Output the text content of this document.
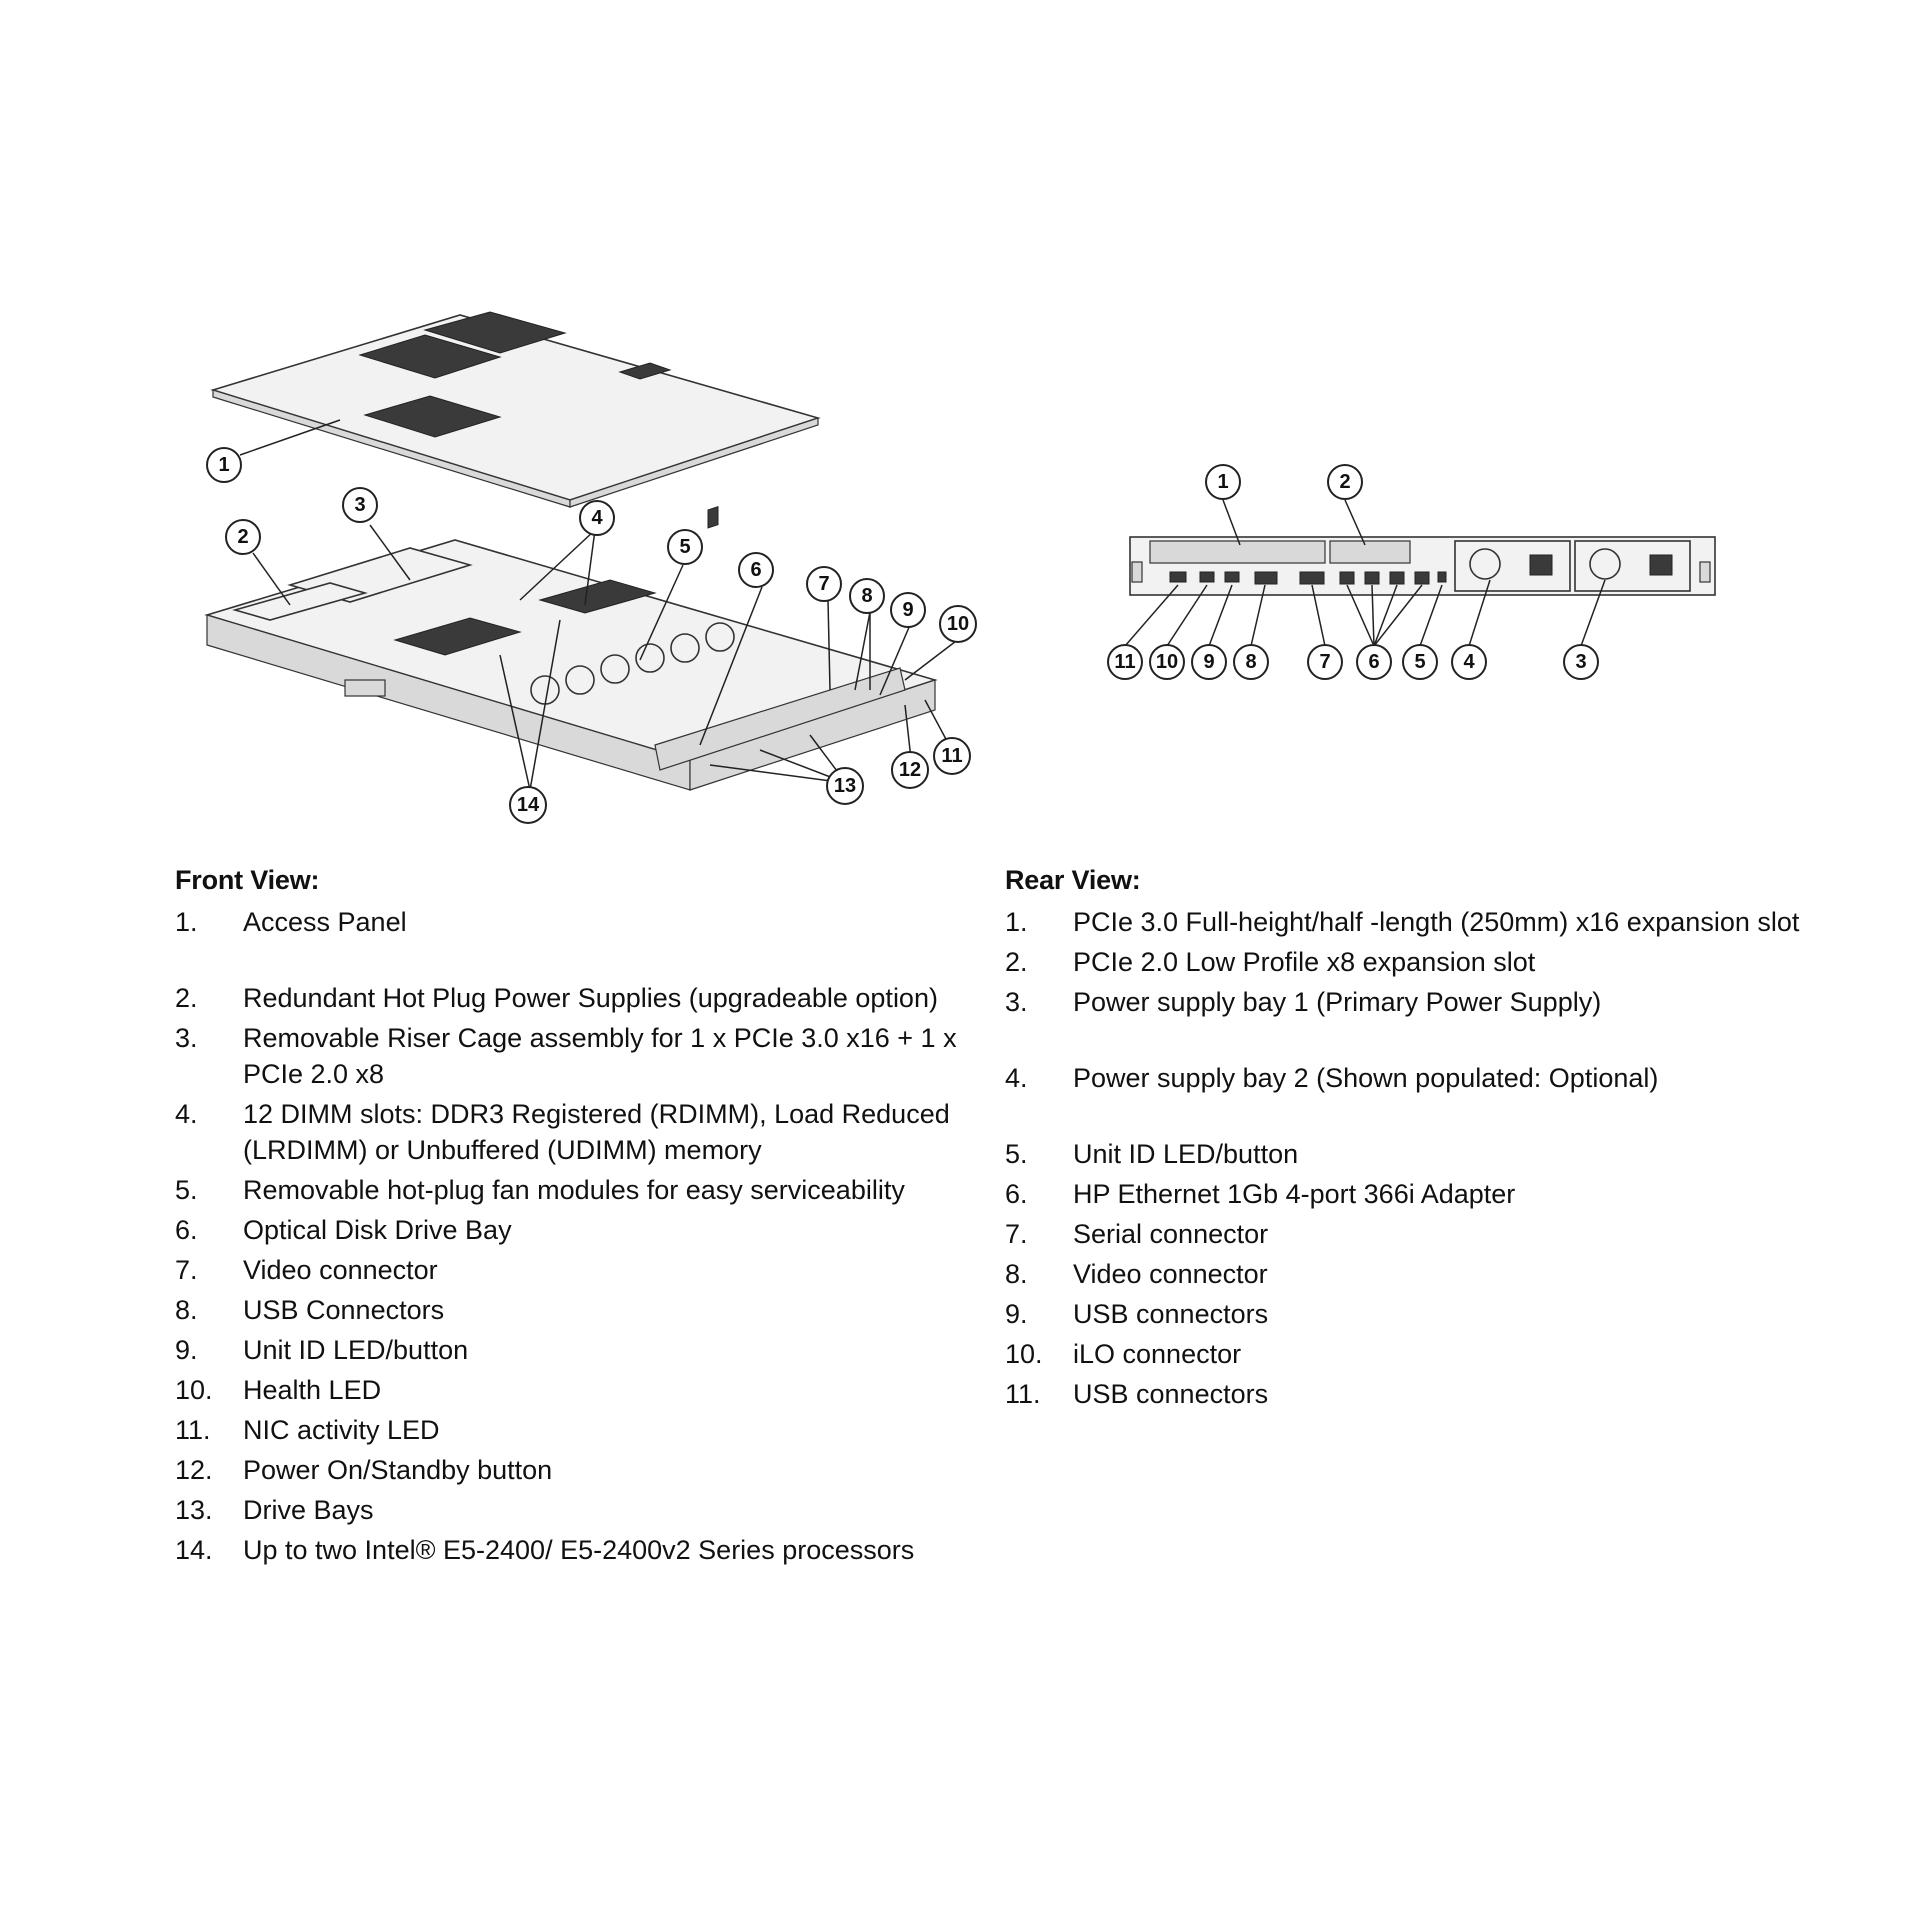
1
2
3
4
5
6
7
8
9
10
11
12
13
14
1	2
11 10 9 8	7 6 5 4	3
Front View:
1.	Access Panel
2.	Redundant Hot Plug Power Supplies (upgradeable option)
3.	Removable Riser Cage assembly for 1 x PCIe 3.0 x16 + 1 x PCIe 2.0 x8
4.	12 DIMM slots: DDR3 Registered (RDIMM), Load Reduced (LRDIMM) or Unbuffered (UDIMM) memory
5.	Removable hot-plug fan modules for easy serviceability
6.	Optical Disk Drive Bay
7.	Video connector
8.	USB Connectors
9.	Unit ID LED/button
10.	Health LED
11.	NIC activity LED
12.	Power On/Standby button
13.	Drive Bays
14.	Up to two Intel® E5-2400/ E5-2400v2 Series processors
Rear View:
1.	PCIe 3.0 Full-height/half -length (250mm) x16 expansion slot
2.	PCIe 2.0 Low Profile x8 expansion slot
3.	Power supply bay 1 (Primary Power Supply)
4.	Power supply bay 2 (Shown populated: Optional)
5.	Unit ID LED/button
6.	HP Ethernet 1Gb 4-port 366i Adapter
7.	Serial connector
8.	Video connector
9.	USB connectors
10.	iLO connector
11.	USB connectors
